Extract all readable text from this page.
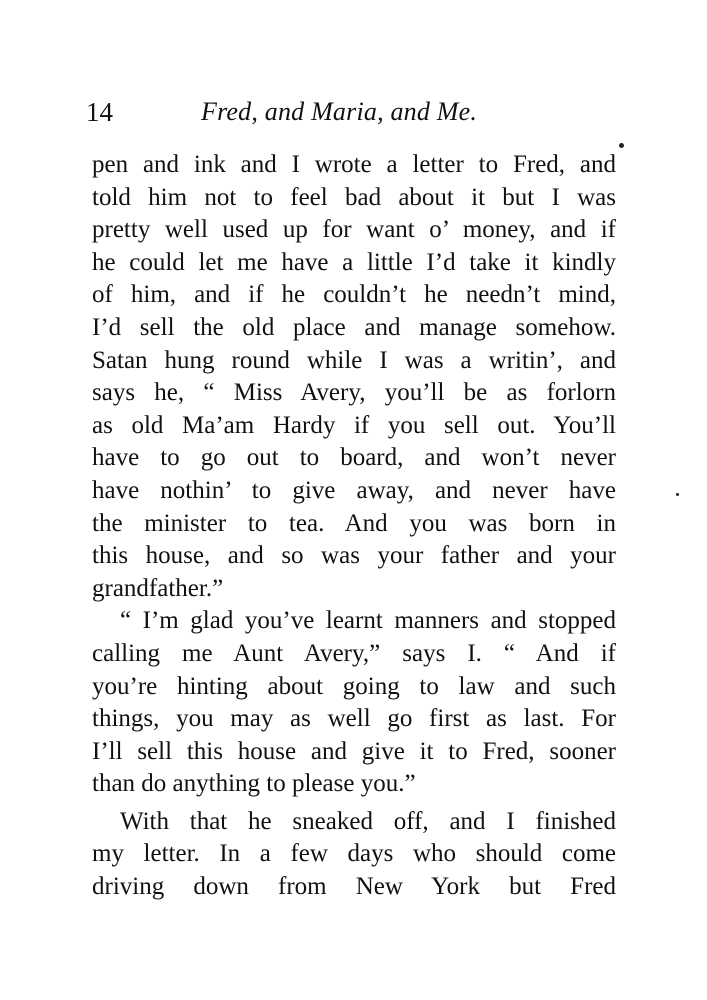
14	Fred, and Maria, and Me.
pen and ink and I wrote a letter to Fred, and
told him not to feel bad about it but I was
pretty well used up for want o’ money, and if
he could let me have a little I’d take it kindly
of him, and if he couldn’t he needn’t mind,
I’d sell the old place and manage somehow.
Satan hung round while I was a writin’, and
says he, “ Miss Avery, you’ll be as forlorn
as old Ma’am Hardy if you sell out. You’ll
have to go out to board, and won’t never
have nothin’ to give away, and never have
the minister to tea. And you was born in
this house, and so was your father and your
grandfather.”
“ I’m glad you’ve learnt manners and stopped
calling me Aunt Avery,” says I. “ And if
you’re hinting about going to law and such
things, you may as well go first as last. For
I’ll sell this house and give it to Fred, sooner
than do anything to please you.”
With that he sneaked off, and I finished
my letter. In a few days who should come
driving down from New York but Fred
